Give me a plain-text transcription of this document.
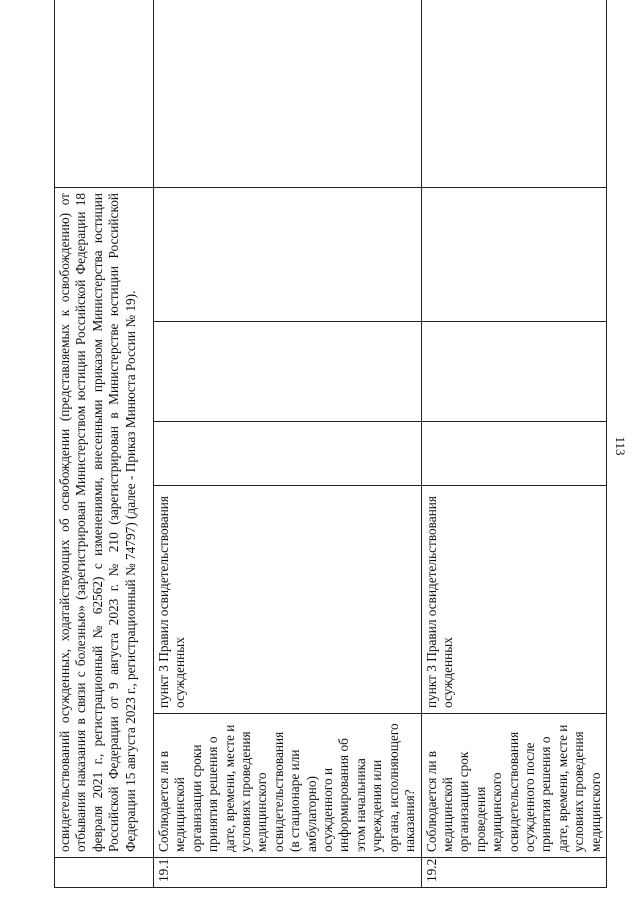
113
	освидетельствований осужденных, ходатайствующих об освобождении (представляемых к освобождению) от отбывания наказания в связи с болезнью» (зарегистрирован Министерством юстиции Российской Федерации 18 февраля 2021 г., регистрационный № 62562) с изменениями, внесенными приказом Министерства юстиции Российской Федерации от 9 августа 2023 г. № 210 (зарегистрирован в Министерстве юстиции Российской Федерации 15 августа 2023 г., регистрационный № 74797) (далее - Приказ Минюста России № 19).					
19.1	Соблюдается ли в медицинской организации сроки принятия решения о дате, времени, месте и условиях проведения медицинского освидетельствования (в стационаре или амбулаторно) осужденного и информирования об этом начальника учреждения или органа, исполняющего наказания?	пункт 3 Правил освидетельствования осужденных				
19.2	Соблюдается ли в медицинской организации срок проведения медицинского освидетельствования осужденного после принятия решения о дате, времени, месте и условиях проведения медицинского	пункт 3 Правил освидетельствования осужденных				
